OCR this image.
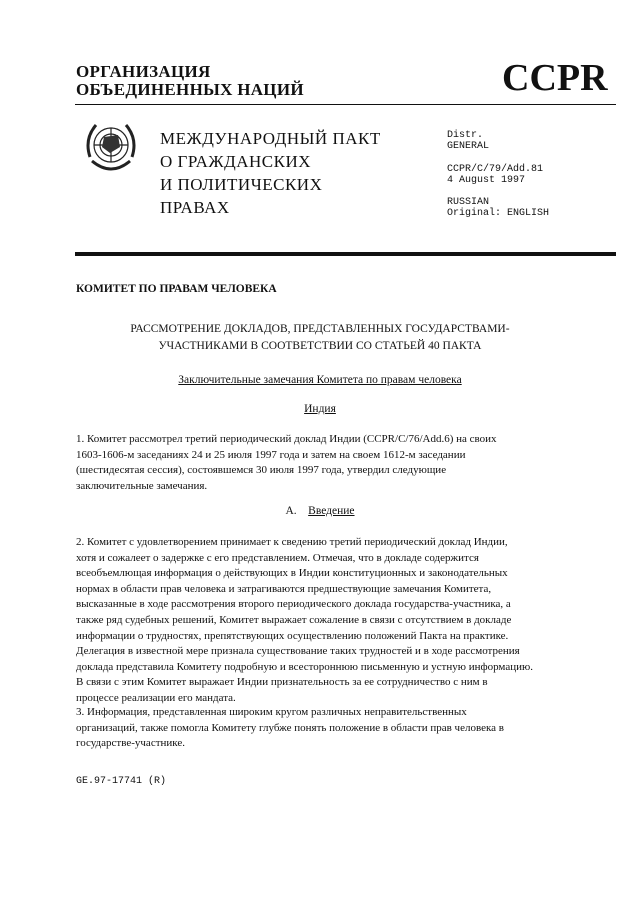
ОРГАНИЗАЦИЯ
ОБЪЕДИНЕННЫХ НАЦИЙ	CCPR
МЕЖДУНАРОДНЫЙ ПАКТ
О ГРАЖДАНСКИХ
И ПОЛИТИЧЕСКИХ
ПРАВАХ
Distr.
GENERAL
CCPR/C/79/Add.81
4 August 1997
RUSSIAN
Original: ENGLISH
КОМИТЕТ ПО ПРАВАМ ЧЕЛОВЕКА
РАССМОТРЕНИЕ ДОКЛАДОВ, ПРЕДСТАВЛЕННЫХ ГОСУДАРСТВАМИ-
УЧАСТНИКАМИ В СООТВЕТСТВИИ СО СТАТЬЕЙ 40 ПАКТА
Заключительные замечания Комитета по правам человека
Индия
1. Комитет рассмотрел третий периодический доклад Индии (CCPR/C/76/Add.6) на своих
1603-1606-м заседаниях 24 и 25 июля 1997 года и затем на своем 1612-м заседании
(шестидесятая сессия), состоявшемся 30 июля 1997 года, утвердил следующие
заключительные замечания.
A. Введение
2. Комитет с удовлетворением принимает к сведению третий периодический доклад Индии,
хотя и сожалеет о задержке с его представлением. Отмечая, что в докладе содержится
всеобъемлющая информация о действующих в Индии конституционных и законодательных
нормах в области прав человека и затрагиваются предшествующие замечания Комитета,
высказанные в ходе рассмотрения второго периодического доклада государства-участника, а
также ряд судебных решений, Комитет выражает сожаление в связи с отсутствием в докладе
информации о трудностях, препятствующих осуществлению положений Пакта на практике.
Делегация в известной мере признала существование таких трудностей и в ходе рассмотрения
доклада представила Комитету подробную и всестороннюю письменную и устную информацию.
В связи с этим Комитет выражает Индии признательность за ее сотрудничество с ним в
процессе реализации его мандата.
3. Информация, представленная широким кругом различных неправительственных
организаций, также помогла Комитету глубже понять положение в области прав человека в
государстве-участнике.
GE.97-17741 (R)
